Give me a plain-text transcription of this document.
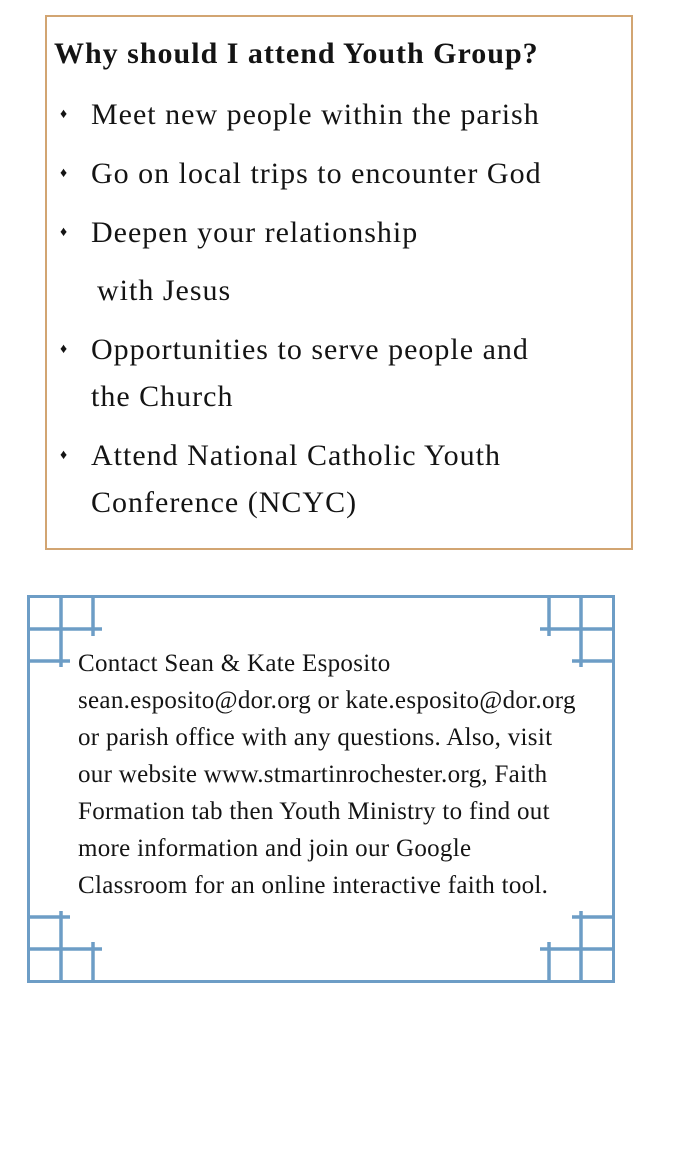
Why should I attend Youth Group?
♦ Meet new people within the parish
♦ Go on local trips to encounter God
♦ Deepen your relationship
with Jesus
♦ Opportunities to serve people and
the Church
♦ Attend National Catholic Youth
Conference (NCYC)
Contact Sean & Kate Esposito
sean.esposito@dor.org or kate.esposito@dor.org
or parish office with any questions. Also, visit
our website www.stmartinrochester.org, Faith
Formation tab then Youth Ministry to find out
more information and join our Google
Classroom for an online interactive faith tool.
